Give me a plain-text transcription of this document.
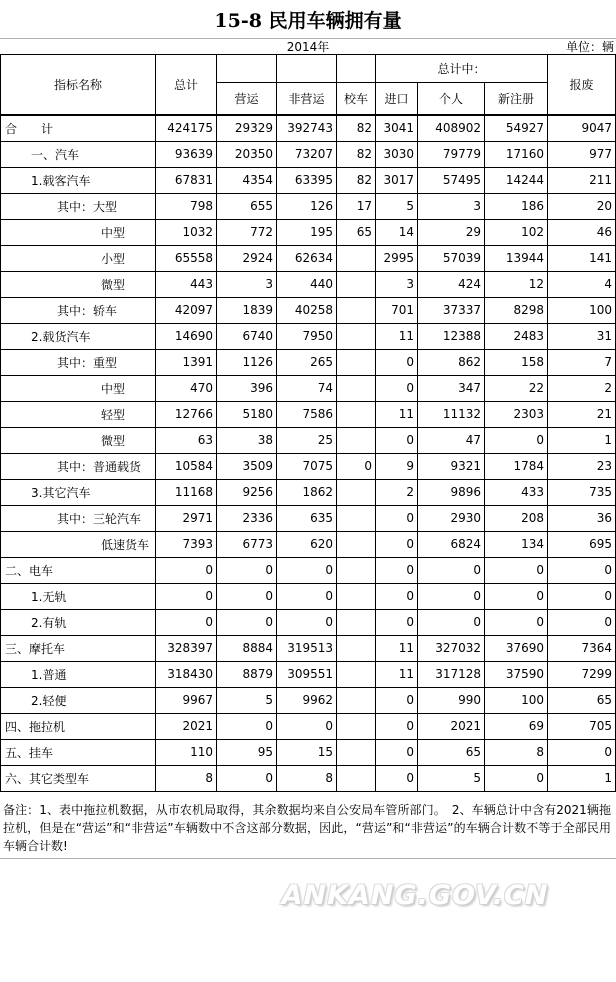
15-8 民用车辆拥有量
2014年	单位：辆
指标名称	总计				总计中：			报废
		营运	非营运	校车	进口	个人	新注册	
合　　计	424175	29329	392743	82	3041	408902	54927	9047
一、汽车	93639	20350	73207	82	3030	79779	17160	977
1.载客汽车	67831	4354	63395	82	3017	57495	14244	211
其中：大型	798	655	126	17	5	3	186	20
中型	1032	772	195	65	14	29	102	46
小型	65558	2924	62634		2995	57039	13944	141
微型	443	3	440		3	424	12	4
其中：轿车	42097	1839	40258		701	37337	8298	100
2.载货汽车	14690	6740	7950		11	12388	2483	31
其中：重型	1391	1126	265		0	862	158	7
中型	470	396	74		0	347	22	2
轻型	12766	5180	7586		11	11132	2303	21
微型	63	38	25		0	47	0	1
其中：普通载货	10584	3509	7075	0	9	9321	1784	23
3.其它汽车	11168	9256	1862		2	9896	433	735
其中：三轮汽车	2971	2336	635		0	2930	208	36
低速货车	7393	6773	620		0	6824	134	695
二、电车	0	0	0		0	0	0	0
1.无轨	0	0	0		0	0	0	0
2.有轨	0	0	0		0	0	0	0
三、摩托车	328397	8884	319513		11	327032	37690	7364
1.普通	318430	8879	309551		11	317128	37590	7299
2.轻便	9967	5	9962		0	990	100	65
四、拖拉机	2021	0	0		0	2021	69	705
五、挂车	110	95	15		0	65	8	0
六、其它类型车	8	0	8		0	5	0	1
备注：1、表中拖拉机数据，从市农机局取得，其余数据均来自公安局车管所部门。　2、车辆总计中含有2021辆拖拉机，但是在“营运”和“非营运”车辆数中不含这部分数据，因此，“营运”和“非营运”的车辆合计数不等于全部民用车辆合计数!
ANKANG.GOV.CN
